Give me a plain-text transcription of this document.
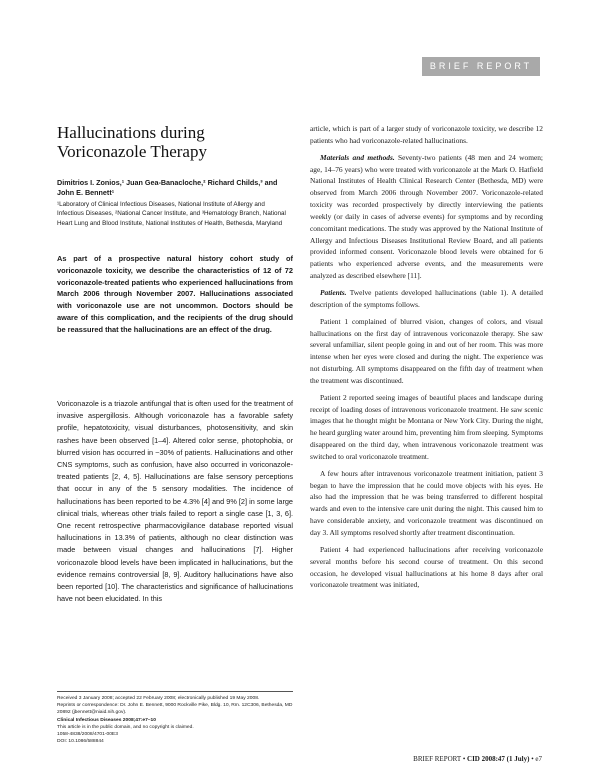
BRIEF REPORT
Hallucinations during Voriconazole Therapy
Dimitrios I. Zonios,¹ Juan Gea-Banacloche,² Richard Childs,³ and John E. Bennett¹
¹Laboratory of Clinical Infectious Diseases, National Institute of Allergy and Infectious Diseases, ²National Cancer Institute, and ³Hematology Branch, National Heart Lung and Blood Institute, National Institutes of Health, Bethesda, Maryland

As part of a prospective natural history cohort study of voriconazole toxicity, we describe the characteristics of 12 of 72 voriconazole-treated patients who experienced hallucinations from March 2006 through November 2007. Hallucinations associated with voriconazole use are not uncommon. Doctors should be aware of this complication, and the recipients of the drug should be reassured that the hallucinations are an effect of the drug.

Voriconazole is a triazole antifungal that is often used for the treatment of invasive aspergillosis. Although voriconazole has a favorable safety profile, hepatotoxicity, visual disturbances, photosensitivity, and skin rashes have been observed [1–4]. Altered color sense, photophobia, or blurred vision has occurred in ~30% of patients. Hallucinations and other CNS symptoms, such as confusion, have also occurred in voriconazole-treated patients [2, 4, 5]. Hallucinations are false sensory perceptions that occur in any of the 5 sensory modalities. The incidence of hallucinations has been reported to be 4.3% [4] and 9% [2] in some large clinical trials, whereas other trials failed to report a single case [1, 3, 6]. One recent retrospective pharmacovigilance database reported visual hallucinations in 13.3% of patients, although no clear distinction was made between visual changes and hallucinations [7]. Higher voriconazole blood levels have been implicated in hallucinations, but the evidence remains controversial [8, 9]. Auditory hallucinations have also been reported [10]. The characteristics and significance of hallucinations have not been elucidated. In this

Received 3 January 2008; accepted 22 February 2008; electronically published 19 May 2008.

Reprints or correspondence: Dr. John E. Bennett, 9000 Rockville Pike, Bldg. 10, Rm. 12C306, Bethesda, MD 20892 (jbennett@niaid.nih.gov).

Clinical Infectious Diseases 2008;47:e7–10

This article is in the public domain, and no copyright is claimed.

1058-4838/2008/4701-00E3

DOI: 10.1086/588844

article, which is part of a larger study of voriconazole toxicity, we describe 12 patients who had voriconazole-related hallucinations.

Materials and methods. Seventy-two patients (48 men and 24 women; age, 14–76 years) who were treated with voriconazole at the Mark O. Hatfield National Institutes of Health Clinical Research Center (Bethesda, MD) were observed from March 2006 through November 2007. Voriconazole-related toxicity was recorded prospectively by directly interviewing the patients weekly (or daily in cases of adverse events) for symptoms and by recording concomitant medications. The study was approved by the National Institute of Allergy and Infectious Diseases Institutional Review Board, and all patients provided informed consent. Voriconazole blood levels were obtained for 6 patients who experienced adverse events, and the measurements were analyzed as described elsewhere [11].

Patients. Twelve patients developed hallucinations (table 1). A detailed description of the symptoms follows.

Patient 1 complained of blurred vision, changes of colors, and visual hallucinations on the first day of intravenous voriconazole therapy. She saw several unfamiliar, silent people going in and out of her room. This was more intense when her eyes were closed and during the night. The experience was not disturbing. All symptoms disappeared on the fifth day of treatment when the treatment was discontinued.

Patient 2 reported seeing images of beautiful places and landscape during receipt of loading doses of intravenous voriconazole treatment. He saw scenic images that he thought might be Montana or New York City. During the night, he heard gurgling water around him, preventing him from sleeping. Symptoms disappeared on the third day, when intravenous voriconazole treatment was switched to oral voriconazole treatment.

A few hours after intravenous voriconazole treatment initiation, patient 3 began to have the impression that he could move objects with his eyes. He also had the impression that he was being transferred to different hospital wards and even to the intensive care unit during the night. This caused him to have considerable anxiety, and voriconazole treatment was discontinued on day 3. All symptoms resolved shortly after treatment discontinuation.

Patient 4 had experienced hallucinations after receiving voriconazole several months before his second course of treatment. On this second occasion, he developed visual hallucinations at his home 8 days after oral voriconazole treatment was initiated,

BRIEF REPORT • CID 2008:47 (1 July) • e7
